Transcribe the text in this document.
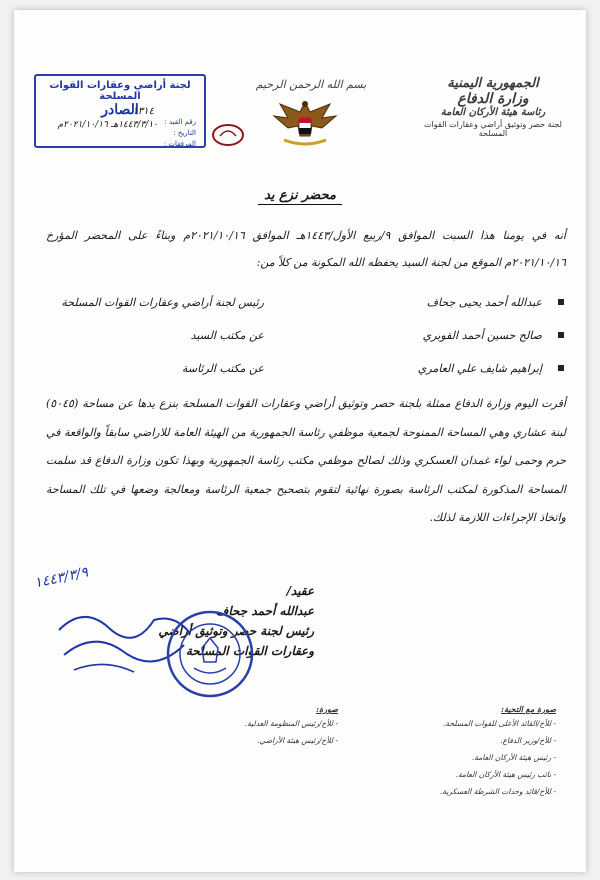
الجمهورية اليمنية
وزارة الدفاع
رئاسة هيئة الأركان العامة
لجنة حصر وتوثيق أراضي وعقارات القوات المسلحة
بسم الله الرحمن الرحيم
لجنة أراضي وعقارات القوات المسلحة
الصادر
رقم القيد :
١٣١٤
التاريخ :
١٤٤٣/٣/١٠هـ ٢٠٢١/١٠/١٦م
المرفقات :
محضر نزع يد
أنه في يومنا هذا السبت الموافق ٩/ربيع الأول/١٤٤٣هـ الموافق ٢٠٢١/١٠/١٦م وبناءً على المحضر المؤرخ ٢٠٢١/١٠/١٦م الموقع من لجنة السيد يحفظه الله المكونة من كلاً من:
عبدالله أحمد يحيى جحاف
رئيس لجنة أراضي وعقارات القوات المسلحة
صالح حسين أحمد القوبري
عن مكتب السيد
إبراهيم شايف علي العامري
عن مكتب الرئاسة
أقرت اليوم وزارة الدفاع ممثلة بلجنة حصر وتوثيق أراضي وعقارات القوات المسلحة بنزع يدها عن مساحة (٥٠٤٥) لبنة عشاري وهي المساحة الممنوحة لجمعية موظفي رئاسة الجمهورية من الهيئة العامة للاراضي سابقاً والواقعة في حرم وحمى لواء غمدان العسكري وذلك لصالح موظفي مكتب رئاسة الجمهورية وبهذا تكون وزارة الدفاع قد سلمت المساحة المذكورة لمكتب الرئاسة بصورة نهائية لتقوم بتصحيح جمعية الرئاسة ومعالجة وضعها في تلك المساحة واتخاذ الإجراءات اللازمة لذلك.
١٤٤٣/٣/٩	عقيد/
عبدالله أحمد جحاف
رئيس لجنة حصر وتوثيق أراضي
وعقارات القوات المسلحة
صورة مع التحية:
- للأخ/القائد الأعلى للقوات المسلحة.
- للأخ/وزير الدفاع.
- رئيس هيئة الأركان العامة.
- نائب رئيس هيئة الأركان العامة.
- للأخ/قائد وحدات الشرطة العسكرية.
صورة:
- للأخ/رئيس المنظومة العدلية.
- للأخ/رئيس هيئة الأراضي.
